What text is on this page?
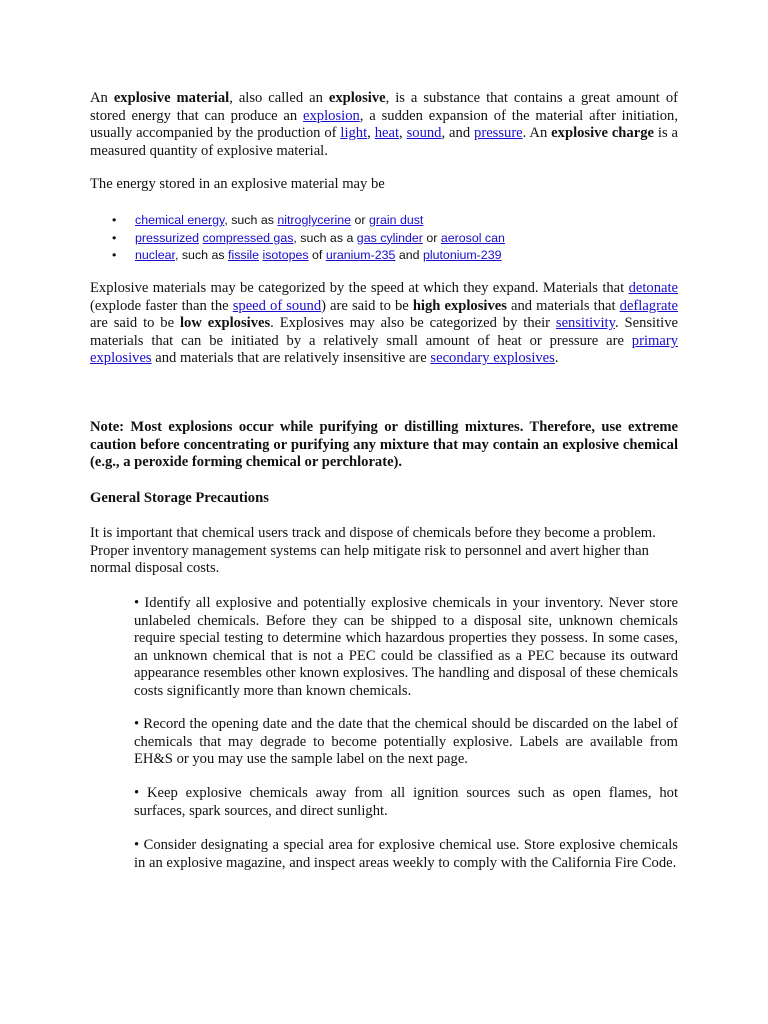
An explosive material, also called an explosive, is a substance that contains a great amount of stored energy that can produce an explosion, a sudden expansion of the material after initiation, usually accompanied by the production of light, heat, sound, and pressure. An explosive charge is a measured quantity of explosive material.

The energy stored in an explosive material may be

• chemical energy, such as nitroglycerine or grain dust
• pressurized compressed gas, such as a gas cylinder or aerosol can
• nuclear, such as fissile isotopes of uranium-235 and plutonium-239

Explosive materials may be categorized by the speed at which they expand. Materials that detonate (explode faster than the speed of sound) are said to be high explosives and materials that deflagrate are said to be low explosives. Explosives may also be categorized by their sensitivity. Sensitive materials that can be initiated by a relatively small amount of heat or pressure are primary explosives and materials that are relatively insensitive are secondary explosives.

Note: Most explosions occur while purifying or distilling mixtures. Therefore, use extreme caution before concentrating or purifying any mixture that may contain an explosive chemical (e.g., a peroxide forming chemical or perchlorate).

General Storage Precautions

It is important that chemical users track and dispose of chemicals before they become a problem. Proper inventory management systems can help mitigate risk to personnel and avert higher than normal disposal costs.

• Identify all explosive and potentially explosive chemicals in your inventory. Never store unlabeled chemicals. Before they can be shipped to a disposal site, unknown chemicals require special testing to determine which hazardous properties they possess. In some cases, an unknown chemical that is not a PEC could be classified as a PEC because its outward appearance resembles other known explosives. The handling and disposal of these chemicals costs significantly more than known chemicals.

• Record the opening date and the date that the chemical should be discarded on the label of chemicals that may degrade to become potentially explosive. Labels are available from EH&S or you may use the sample label on the next page.

• Keep explosive chemicals away from all ignition sources such as open flames, hot surfaces, spark sources, and direct sunlight.

• Consider designating a special area for explosive chemical use. Store explosive chemicals in an explosive magazine, and inspect areas weekly to comply with the California Fire Code.
